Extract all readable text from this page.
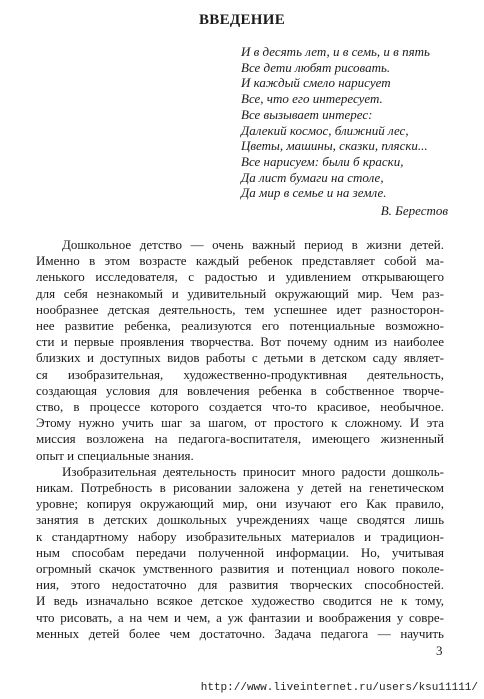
ВВЕДЕНИЕ
И в десять лет, и в семь, и в пять
Все дети любят рисовать.
И каждый смело нарисует
Все, что его интересует.
Все вызывает интерес:
Далекий космос, ближний лес,
Цветы, машины, сказки, пляски...
Все нарисуем: были б краски,
Да лист бумаги на столе,
Да мир в семье и на земле.
В. Берестов
Дошкольное детство — очень важный период в жизни детей.
Именно в этом возрасте каждый ребенок представляет собой ма-
ленького исследователя, с радостью и удивлением открывающего
для себя незнакомый и удивительный окружающий мир. Чем раз-
нообразнее детская деятельность, тем успешнее идет разносторон-
нее развитие ребенка, реализуются его потенциальные возможно-
сти и первые проявления творчества. Вот почему одним из наиболее
близких и доступных видов работы с детьми в детском саду являет-
ся изобразительная, художественно-продуктивная деятельность,
создающая условия для вовлечения ребенка в собственное творче-
ство, в процессе которого создается что-то красивое, необычное.
Этому нужно учить шаг за шагом, от простого к сложному. И эта
миссия возложена на педагога-воспитателя, имеющего жизненный
опыт и специальные знания.
Изобразительная деятельность приносит много радости дошколь-
никам. Потребность в рисовании заложена у детей на генетическом
уровне; копируя окружающий мир, они изучают его Как правило,
занятия в детских дошкольных учреждениях чаще сводятся лишь
к стандартному набору изобразительных материалов и традицион-
ным способам передачи полученной информации. Но, учитывая
огромный скачок умственного развития и потенциал нового поколе-
ния, этого недостаточно для развития творческих способностей.
И ведь изначально всякое детское художество сводится не к тому,
что рисовать, а на чем и чем, а уж фантазии и воображения у совре-
менных детей более чем достаточно. Задача педагога — научить
3
http://www.liveinternet.ru/users/ksu11111/
